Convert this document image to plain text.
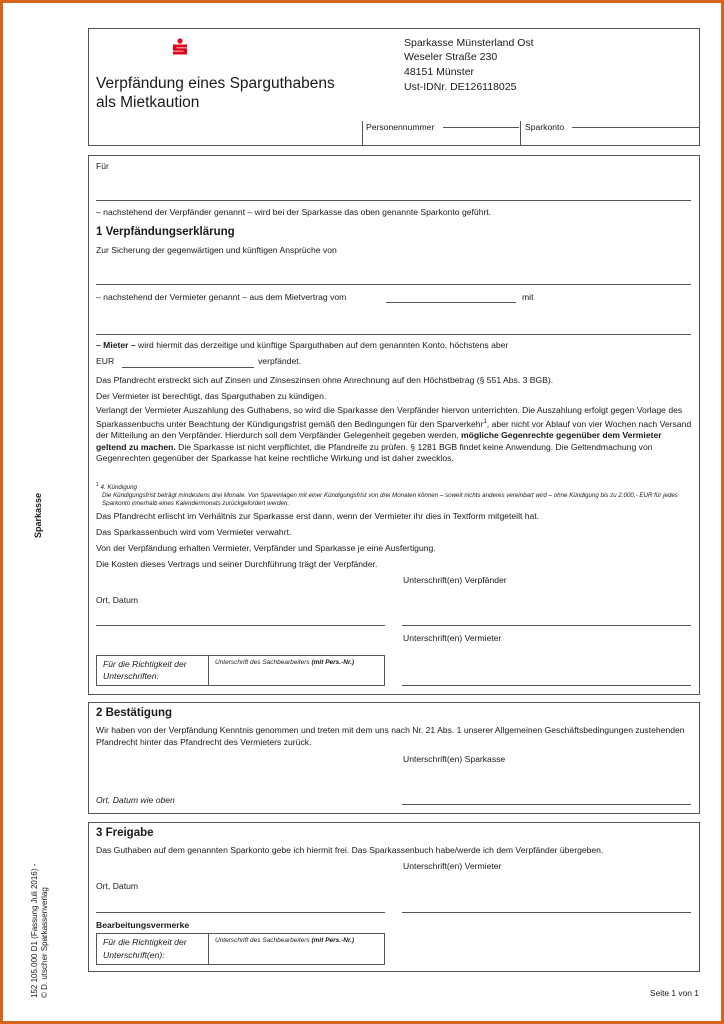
Sparkasse
152 105.000 D1 (Fassung Juli 2016) - © D. utscher Sparkassenverlag
Verpfändung eines Sparguthabens
als Mietkaution
Sparkasse Münsterland Ost
Weseler Straße 230
48151 Münster
Ust-IDNr. DE126118025
Personennummer	Sparkonto
Für
– nachstehend der Verpfänder genannt – wird bei der Sparkasse das oben genannte Sparkonto geführt.
1 Verpfändungserklärung
Zur Sicherung der gegenwärtigen und künftigen Ansprüche von
– nachstehend der Vermieter genannt – aus dem Mietvertrag vom	mit
– Mieter – wird hiermit das derzeitige und künftige Sparguthaben auf dem genannten Konto, höchstens aber
EUR	verpfändet.
Das Pfandrecht erstreckt sich auf Zinsen und Zinseszinsen ohne Anrechnung auf den Höchstbetrag (§ 551 Abs. 3 BGB).
Der Vermieter ist berechtigt, das Sparguthaben zu kündigen.
Verlangt der Vermieter Auszahlung des Guthabens, so wird die Sparkasse den Verpfänder hiervon unterrichten. Die Auszahlung erfolgt gegen Vorlage des Sparkassenbuchs unter Beachtung der Kündigungsfrist gemäß den Bedingungen für den Sparverkehr$^1$, aber nicht vor Ablauf von vier Wochen nach Versand der Mitteilung an den Verpfänder. Hierdurch soll dem Verpfänder Gelegenheit gegeben werden, mögliche Gegenrechte gegenüber dem Vermieter geltend zu machen. Die Sparkasse ist nicht verpflichtet, die Pfandreife zu prüfen. § 1281 BGB findet keine Anwendung. Die Geltendmachung von Gegenrechten gegenüber der Sparkasse hat keine rechtliche Wirkung und ist daher zwecklos.
$^1$ 4. Kündigung

Die Kündigungsfrist beträgt mindestens drei Monate. Von Spareinlagen mit einer Kündigungsfrist von drei Monaten können – soweit nichts anderes vereinbart wird – ohne Kündigung bis zu 2.000,- EUR für jedes Sparkonto innerhalb eines Kalendermonats zurückgefordert werden.
Das Pfandrecht erlischt im Verhältnis zur Sparkasse erst dann, wenn der Vermieter ihr dies in Textform mitgeteilt hat.
Das Sparkassenbuch wird vom Vermieter verwahrt.
Von der Verpfändung erhalten Vermieter, Verpfänder und Sparkasse je eine Ausfertigung.
Die Kosten dieses Vertrags und seiner Durchführung trägt der Verpfänder.
Unterschrift(en) Verpfänder
Ort, Datum
Unterschrift(en) Vermieter
Für die Richtigkeit der
Unterschriften:
Unterschrift des Sachbearbeiters (mit Pers.-Nr.)
2 Bestätigung
Wir haben von der Verpfändung Kenntnis genommen und treten mit dem uns nach Nr. 21 Abs. 1 unserer Allgemeinen Geschäftsbedingungen zustehenden Pfandrecht hinter das Pfandrecht des Vermieters zurück.
Unterschrift(en) Sparkasse
Ort, Datum wie oben
3 Freigabe
Das Guthaben auf dem genannten Sparkonto gebe ich hiermit frei. Das Sparkassenbuch habe/werde ich dem Verpfänder übergeben.
Unterschrift(en) Vermieter
Ort, Datum
Bearbeitungsvermerke
Für die Richtigkeit der
Unterschrift(en):
Unterschrift des Sachbearbeiters (mit Pers.-Nr.)
Seite 1 von 1
